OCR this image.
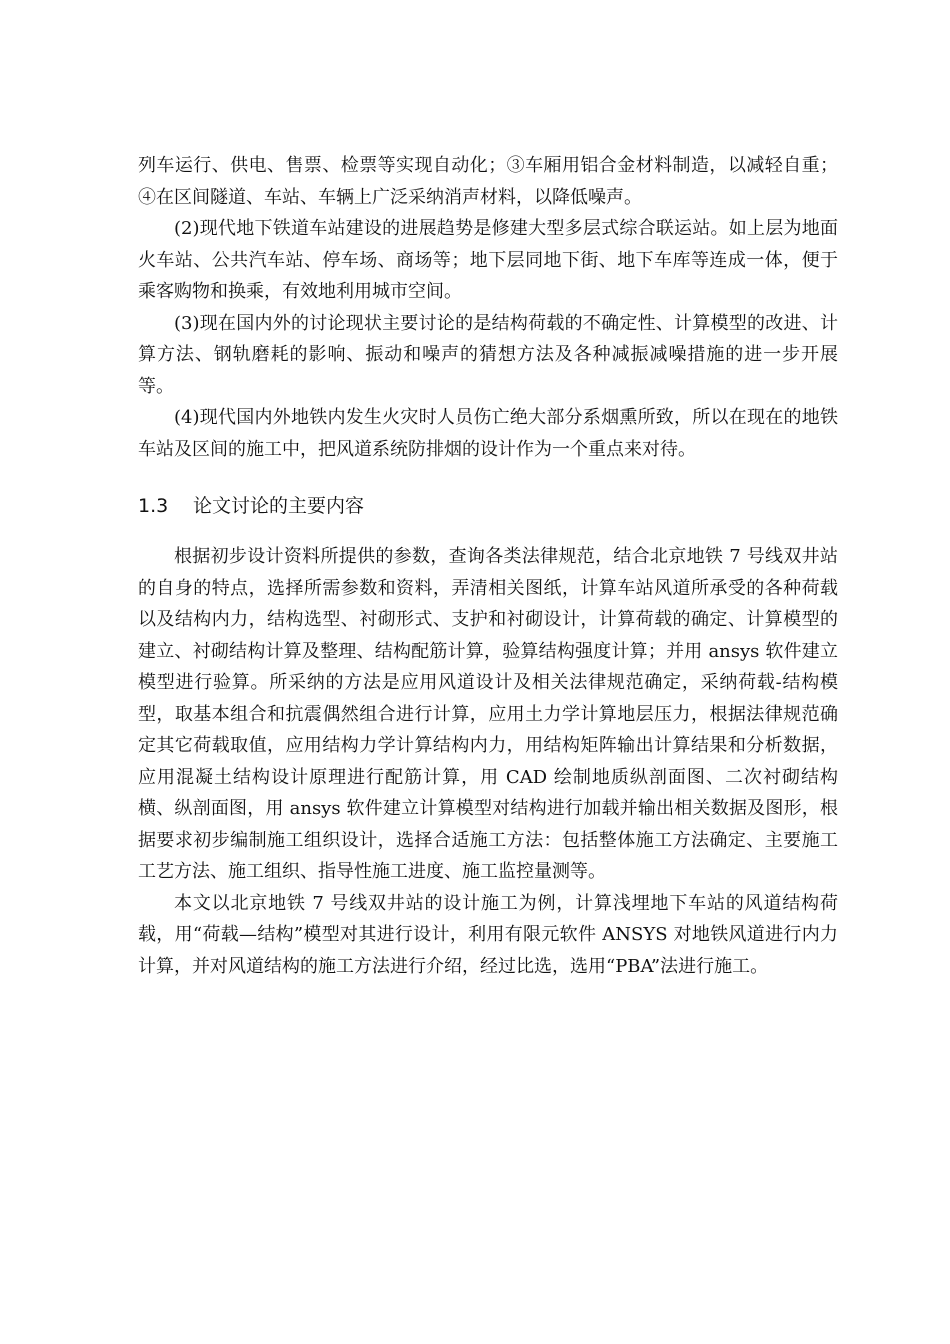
列车运行、供电、售票、检票等实现自动化；③车厢用铝合金材料制造，以减轻自重；④在区间隧道、车站、车辆上广泛采纳消声材料，以降低噪声。

(2)现代地下铁道车站建设的进展趋势是修建大型多层式综合联运站。如上层为地面火车站、公共汽车站、停车场、商场等；地下层同地下街、地下车库等连成一体，便于乘客购物和换乘，有效地利用城市空间。

(3)现在国内外的讨论现状主要讨论的是结构荷载的不确定性、计算模型的改进、计算方法、钢轨磨耗的影响、振动和噪声的猜想方法及各种减振减噪措施的进一步开展等。

(4)现代国内外地铁内发生火灾时人员伤亡绝大部分系烟熏所致，所以在现在的地铁车站及区间的施工中，把风道系统防排烟的设计作为一个重点来对待。

1.3	论文讨论的主要内容

根据初步设计资料所提供的参数，查询各类法律规范，结合北京地铁 7 号线双井站的自身的特点，选择所需参数和资料，弄清相关图纸，计算车站风道所承受的各种荷载以及结构内力，结构选型、衬砌形式、支护和衬砌设计，计算荷载的确定、计算模型的建立、衬砌结构计算及整理、结构配筋计算，验算结构强度计算；并用 ansys 软件建立模型进行验算。所采纳的方法是应用风道设计及相关法律规范确定，采纳荷载-结构模型，取基本组合和抗震偶然组合进行计算，应用土力学计算地层压力，根据法律规范确定其它荷载取值，应用结构力学计算结构内力，用结构矩阵输出计算结果和分析数据，应用混凝土结构设计原理进行配筋计算，用 CAD 绘制地质纵剖面图、二次衬砌结构横、纵剖面图，用 ansys 软件建立计算模型对结构进行加载并输出相关数据及图形，根据要求初步编制施工组织设计，选择合适施工方法：包括整体施工方法确定、主要施工工艺方法、施工组织、指导性施工进度、施工监控量测等。

本文以北京地铁 7 号线双井站的设计施工为例，计算浅埋地下车站的风道结构荷载，用“荷载—结构”模型对其进行设计，利用有限元软件 ANSYS 对地铁风道进行内力计算，并对风道结构的施工方法进行介绍，经过比选，选用“PBA”法进行施工。
